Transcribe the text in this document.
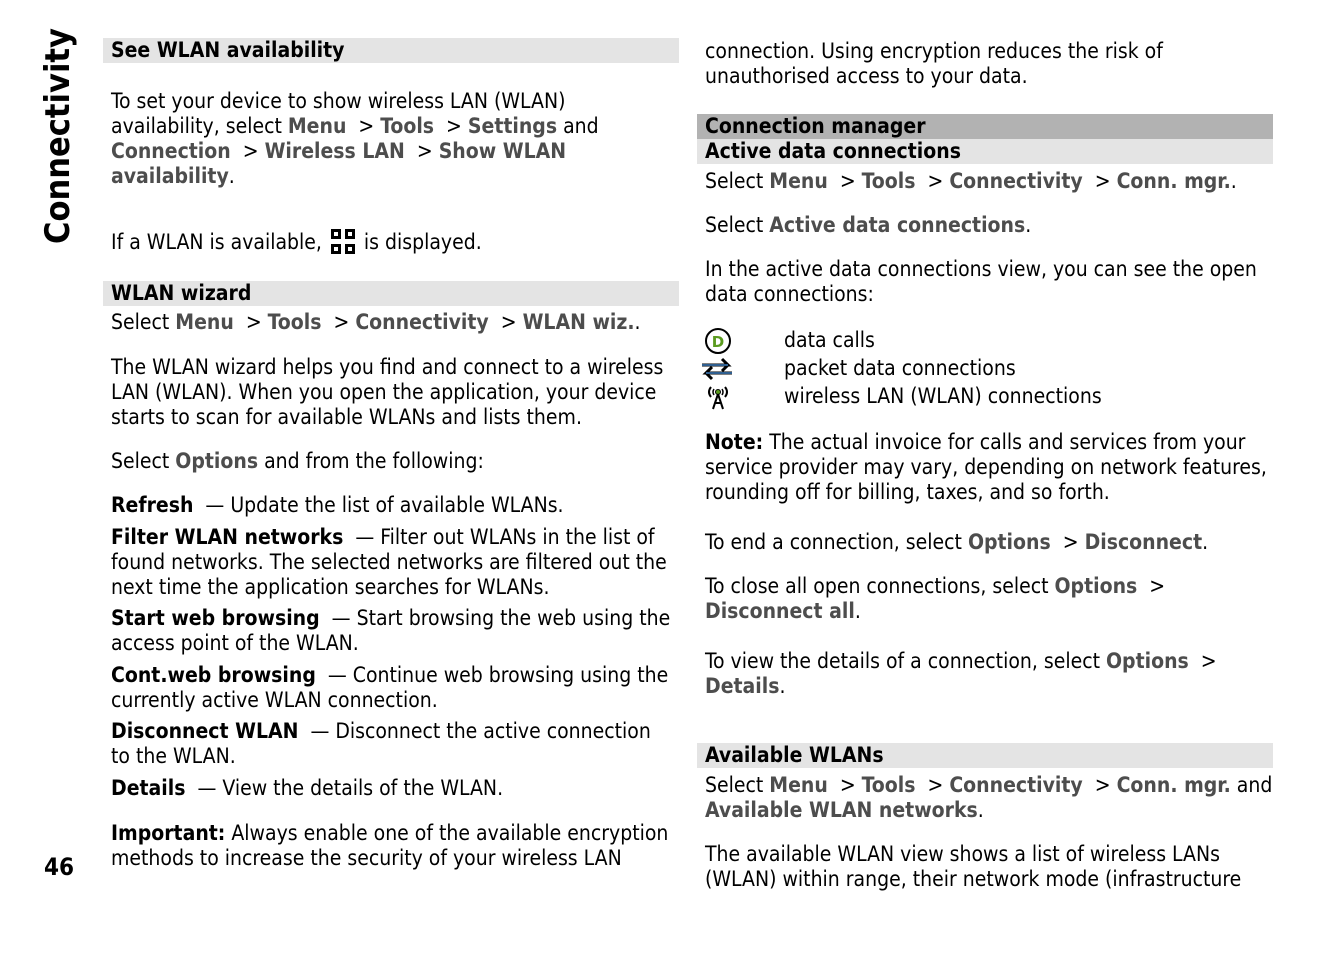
Connectivity
46
See WLAN availability
To set your device to show wireless LAN (WLAN) availability, select Menu  > Tools  > Settings and
Connection  > Wireless LAN  > Show WLAN availability.
If a WLAN is available, is displayed.
WLAN wizard
Select Menu  > Tools  > Connectivity  > WLAN wiz..
The WLAN wizard helps you find and connect to a wireless LAN (WLAN). When you open the application, your device starts to scan for available WLANs and lists them.
Select Options and from the following:
Refresh — Update the list of available WLANs.
Filter WLAN networks — Filter out WLANs in the list of found networks. The selected networks are filtered out the next time the application searches for WLANs.
Start web browsing — Start browsing the web using the access point of the WLAN.
Cont.web browsing — Continue web browsing using the currently active WLAN connection.
Disconnect WLAN — Disconnect the active connection to the WLAN.
Details — View the details of the WLAN.
Important: Always enable one of the available encryption methods to increase the security of your wireless LAN
connection. Using encryption reduces the risk of unauthorised access to your data.
Connection manager
Active data connections
Select Menu  > Tools  > Connectivity  > Conn. mgr..
Select Active data connections.
In the active data connections view, you can see the open data connections:
D	data calls
packet data connections
wireless LAN (WLAN) connections
Note: The actual invoice for calls and services from your service provider may vary, depending on network features, rounding off for billing, taxes, and so forth.
To end a connection, select Options  > Disconnect.
To close all open connections, select Options  >
Disconnect all.
To view the details of a connection, select Options  >
Details.
Available WLANs
Select Menu  > Tools  > Connectivity  > Conn. mgr. and
Available WLAN networks.
The available WLAN view shows a list of wireless LANs (WLAN) within range, their network mode (infrastructure
